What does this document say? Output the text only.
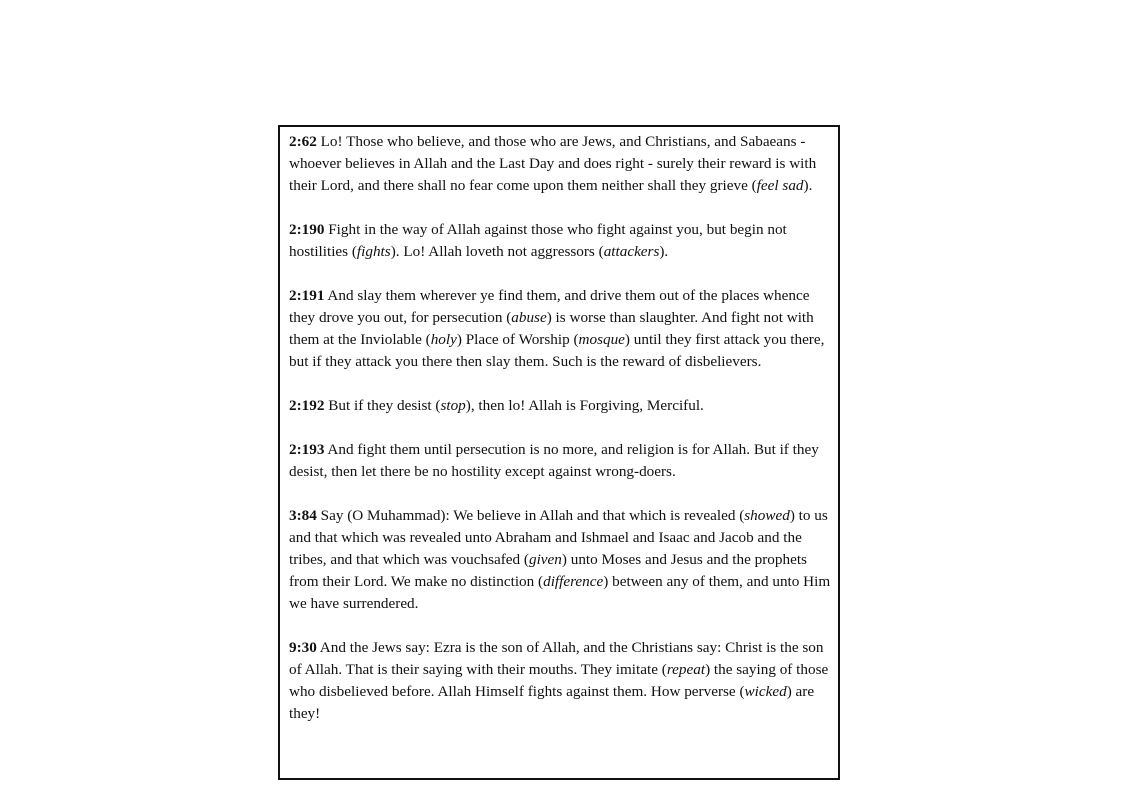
2:62 Lo! Those who believe, and those who are Jews, and Christians, and Sabaeans - whoever believes in Allah and the Last Day and does right - surely their reward is with their Lord, and there shall no fear come upon them neither shall they grieve (feel sad).
2:190 Fight in the way of Allah against those who fight against you, but begin not hostilities (fights). Lo! Allah loveth not aggressors (attackers).
2:191 And slay them wherever ye find them, and drive them out of the places whence they drove you out, for persecution (abuse) is worse than slaughter. And fight not with them at the Inviolable (holy) Place of Worship (mosque) until they first attack you there, but if they attack you there then slay them. Such is the reward of disbelievers.
2:192 But if they desist (stop), then lo! Allah is Forgiving, Merciful.
2:193 And fight them until persecution is no more, and religion is for Allah. But if they desist, then let there be no hostility except against wrong-doers.
3:84 Say (O Muhammad): We believe in Allah and that which is revealed (showed) to us and that which was revealed unto Abraham and Ishmael and Isaac and Jacob and the tribes, and that which was vouchsafed (given) unto Moses and Jesus and the prophets from their Lord. We make no distinction (difference) between any of them, and unto Him we have surrendered.
9:30 And the Jews say: Ezra is the son of Allah, and the Christians say: Christ is the son of Allah. That is their saying with their mouths. They imitate (repeat) the saying of those who disbelieved before. Allah Himself fights against them. How perverse (wicked) are they!
